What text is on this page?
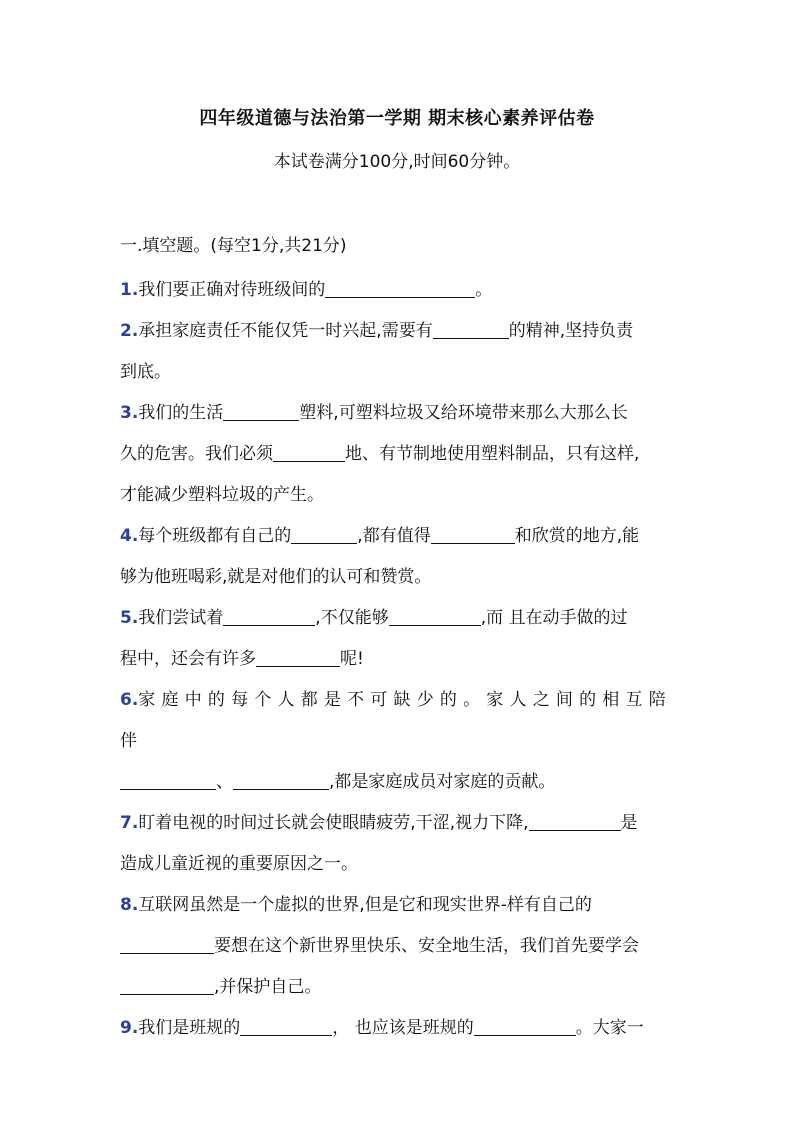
四年级道德与法治第一学期 期末核心素养评估卷
本试卷满分100分,时间60分钟。
一.填空题。(每空1分,共21分)

1.我们要正确对待班级间的	。

2.承担家庭责任不能仅凭一时兴起,需要有	的精神,坚持负责
到底。

3.我们的生活	塑料,可塑料垃圾又给环境带来那么大那么长
久的危害。我们必须	地、有节制地使用塑料制品，只有这样,
才能减少塑料垃圾的产生。

4.每个班级都有自己的	,都有值得	和欣赏的地方,能
够为他班喝彩,就是对他们的认可和赞赏。

5.我们尝试着	,不仅能够	,而 且在动手做的过
程中，还会有许多	呢!

6.家庭中的每个人都是不可缺少的。家人之间的相互陪伴
、	,都是家庭成员对家庭的贡献。

7.盯着电视的时间过长就会使眼睛疲劳,干涩,视力下降,	是
造成儿童近视的重要原因之一。

8.互联网虽然是一个虚拟的世界,但是它和现实世界-样有自己的
要想在这个新世界里快乐、安全地生活，我们首先要学会
,并保护自己。

9.我们是班规的	， 也应该是班规的	。大家一
